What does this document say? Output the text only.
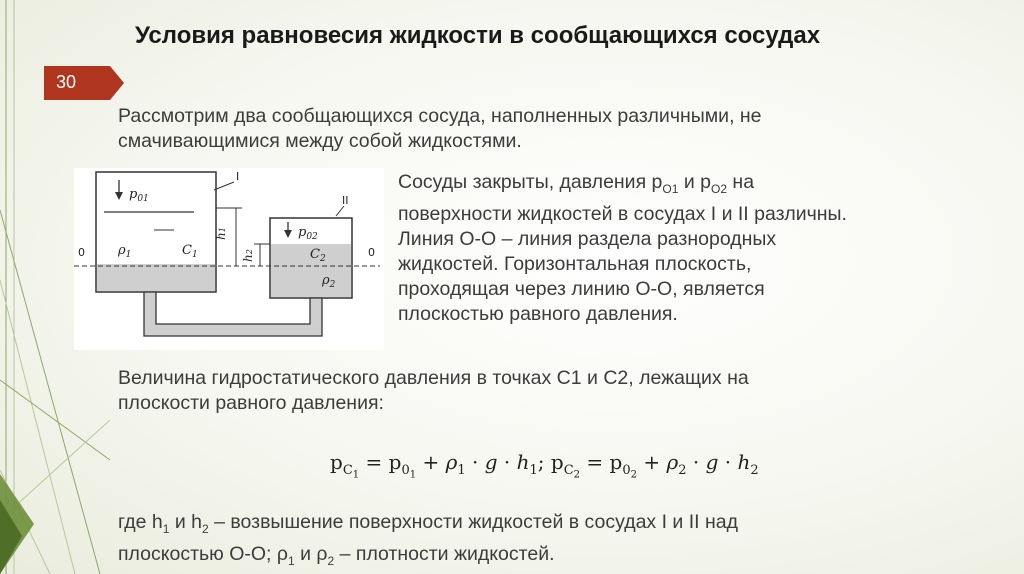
Условия равновесия жидкости в сообщающихся сосудах
30
Рассмотрим два сообщающихся сосуда, наполненных различными, не
смачивающимися между собой жидкостями.
$p_{01}$
$p_{02}$
I
II
h1
h2
0	0
$\rho_1$	$C_1$	$C_2$
$\rho_2$
Сосуды закрыты, давления $р_{О1}$ и $р_{О2}$ на
поверхности жидкостей в сосудах I и II различны.
Линия О-О – линия раздела разнородных
жидкостей. Горизонтальная плоскость,
проходящая через линию О-О, является
плоскостью равного давления.
Величина гидростатического давления в точках С1 и С2, лежащих на
плоскости равного давления:
$p_{C_1} = p_{0_1} + \rho_1 \cdot g \cdot h_1$; $p_{C_2} = p_{0_2} + \rho_2 \cdot g \cdot h_2$
где $h_1$ и $h_2$ – возвышение поверхности жидкостей в сосудах I и II над
плоскостью О-О; $\rho_1$ и $\rho_2$ – плотности жидкостей.
